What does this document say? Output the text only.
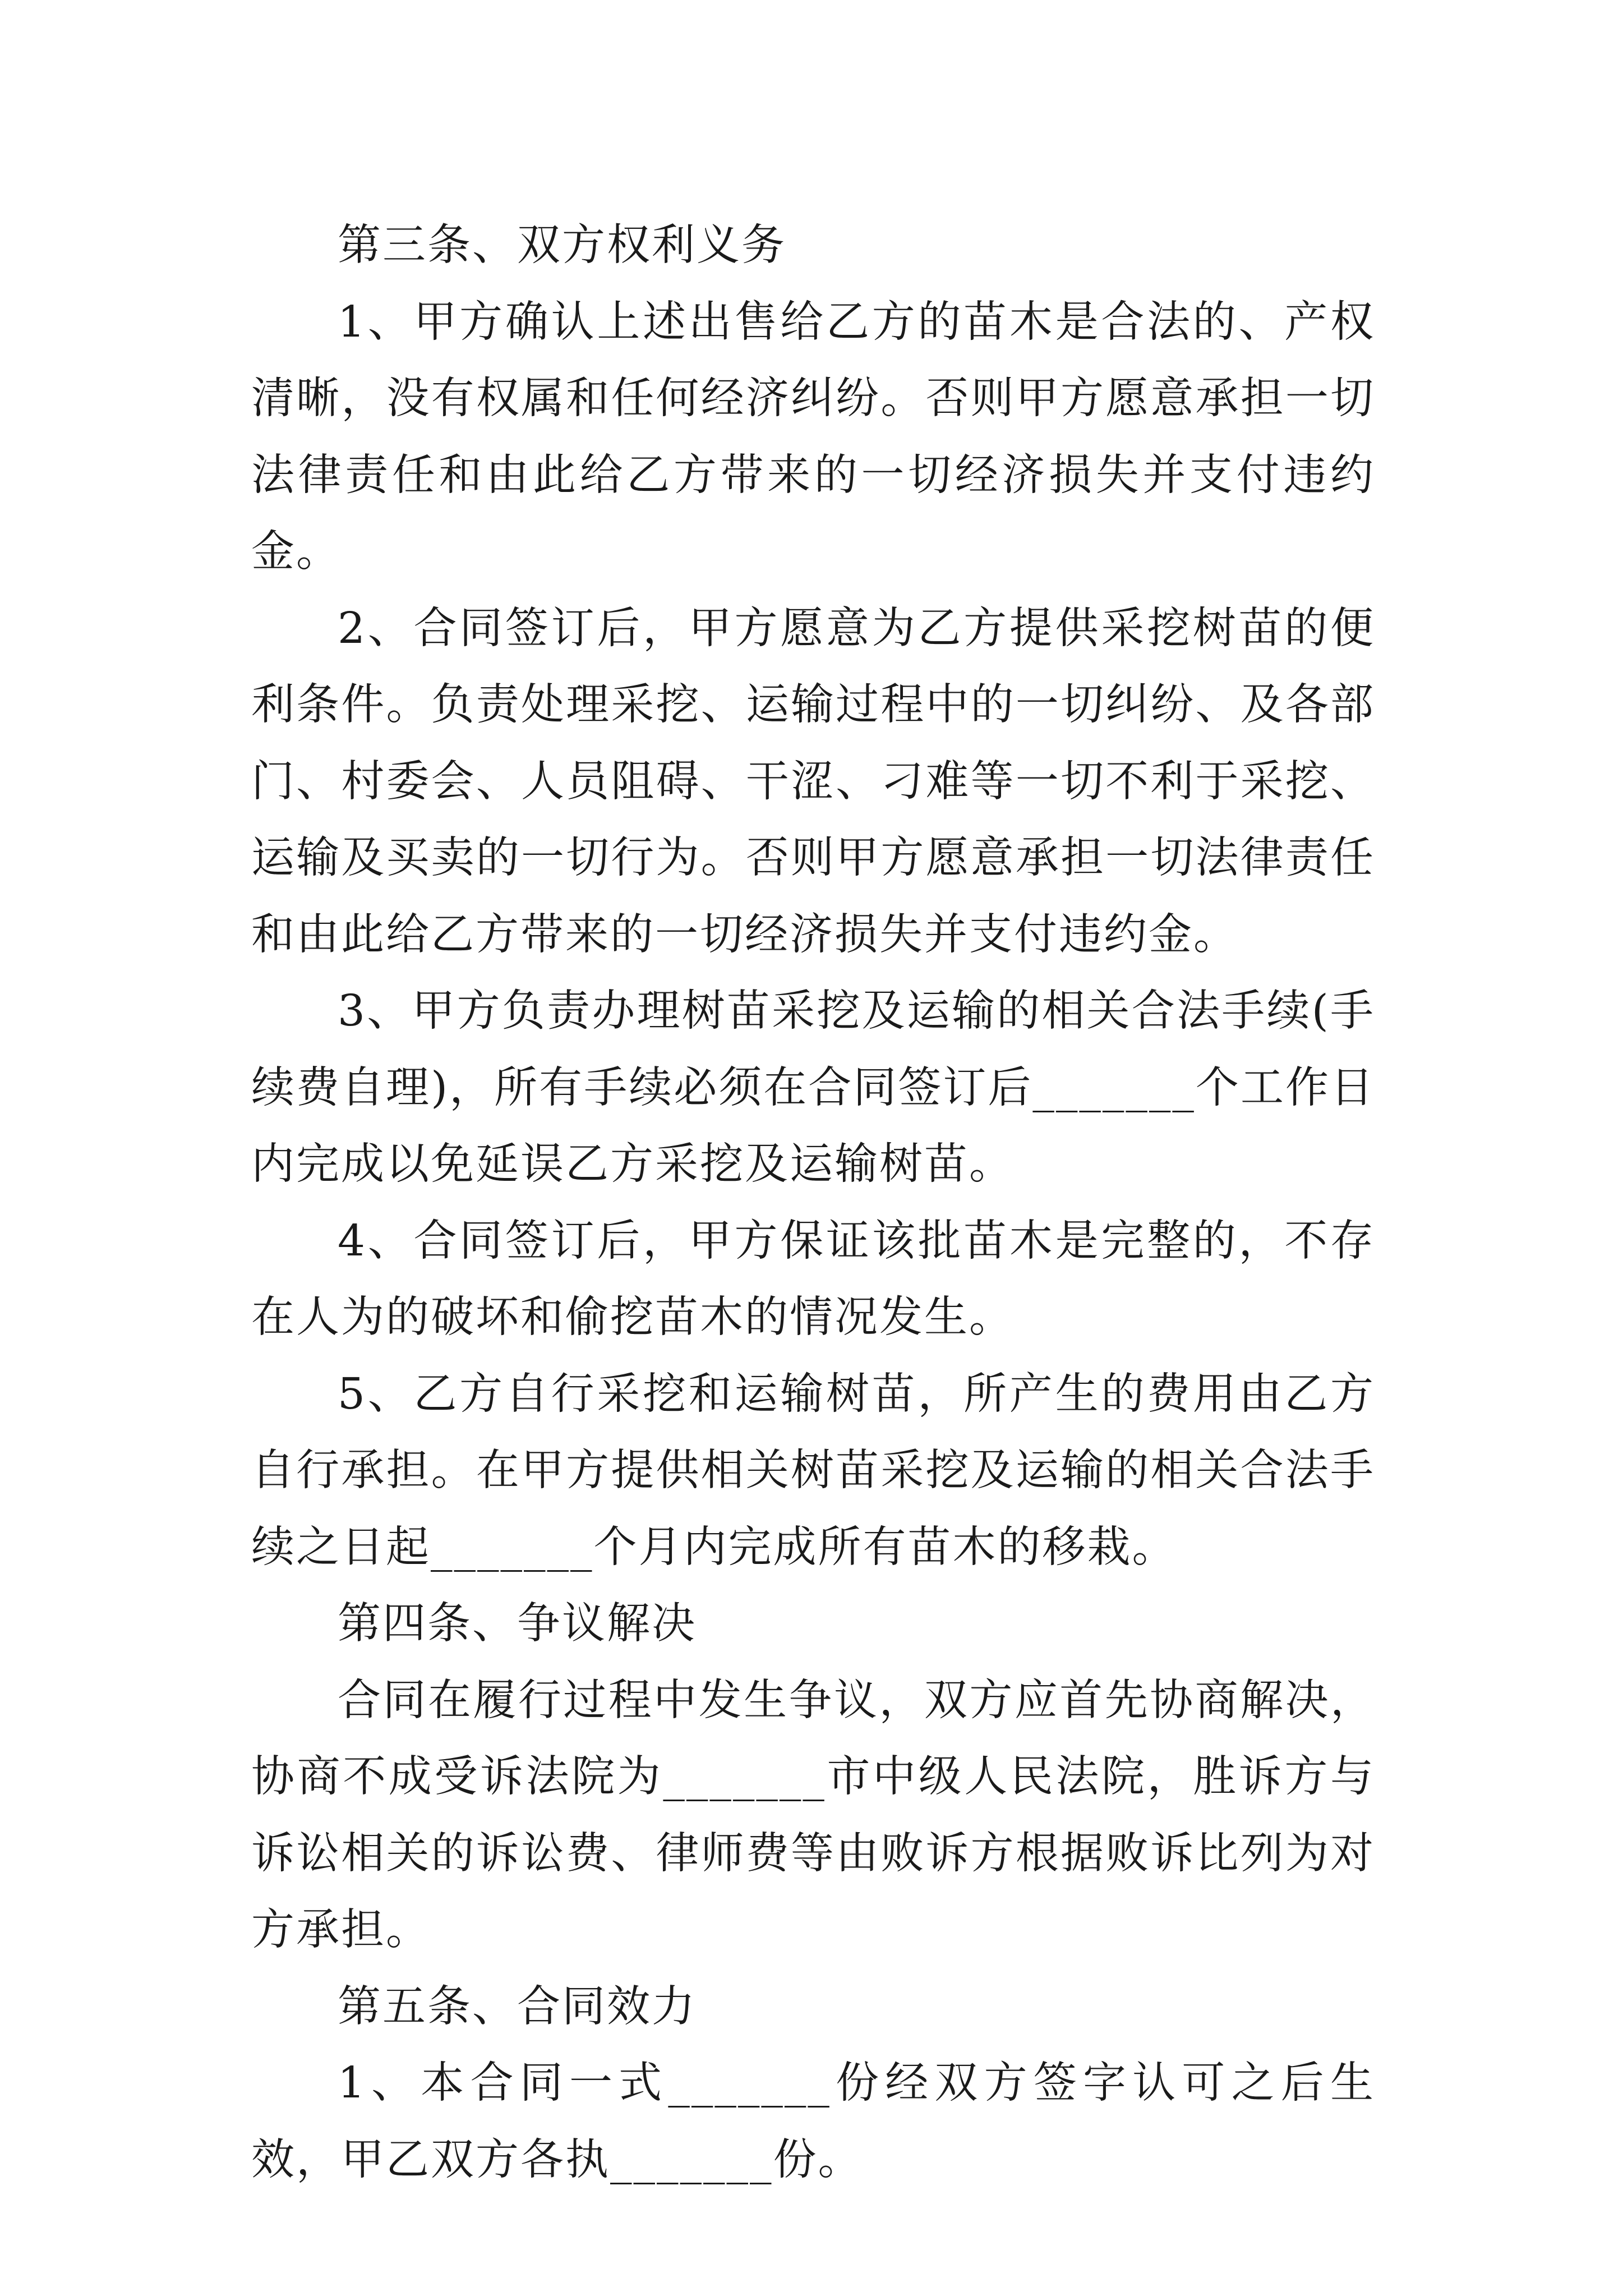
第三条、双方权利义务

1、甲方确认上述出售给乙方的苗木是合法的、产权清晰，没有权属和任何经济纠纷。否则甲方愿意承担一切法律责任和由此给乙方带来的一切经济损失并支付违约金。

2、合同签订后，甲方愿意为乙方提供采挖树苗的便利条件。负责处理采挖、运输过程中的一切纠纷、及各部门、村委会、人员阻碍、干涩、刁难等一切不利于采挖、运输及买卖的一切行为。否则甲方愿意承担一切法律责任和由此给乙方带来的一切经济损失并支付违约金。

3、甲方负责办理树苗采挖及运输的相关合法手续(手续费自理)，所有手续必须在合同签订后_______个工作日内完成以免延误乙方采挖及运输树苗。

4、合同签订后，甲方保证该批苗木是完整的，不存在人为的破坏和偷挖苗木的情况发生。

5、乙方自行采挖和运输树苗，所产生的费用由乙方自行承担。在甲方提供相关树苗采挖及运输的相关合法手续之日起_______个月内完成所有苗木的移栽。

第四条、争议解决

合同在履行过程中发生争议，双方应首先协商解决，协商不成受诉法院为_______市中级人民法院，胜诉方与诉讼相关的诉讼费、律师费等由败诉方根据败诉比列为对方承担。

第五条、合同效力

1、本合同一式_______份经双方签字认可之后生效，甲乙双方各执_______份。
